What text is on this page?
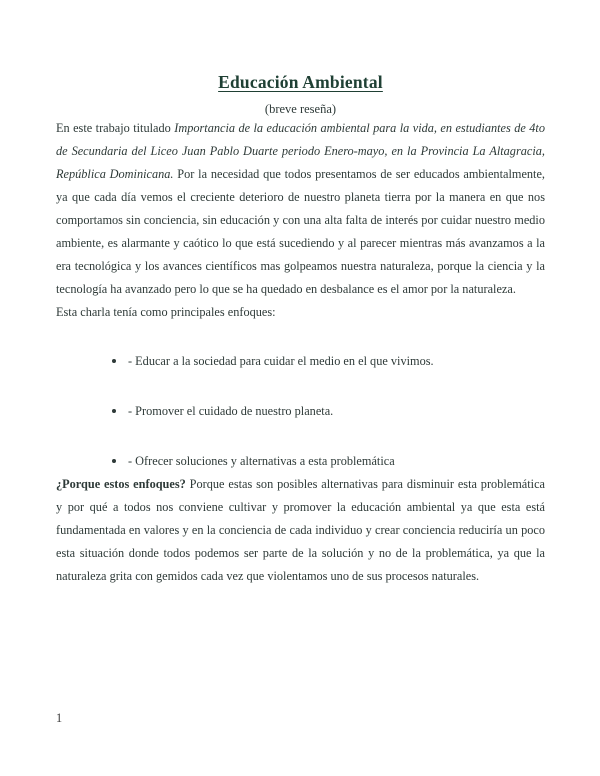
Educación Ambiental
(breve reseña)

En este trabajo titulado Importancia de la educación ambiental para la vida, en estudiantes de 4to de Secundaria del Liceo Juan Pablo Duarte periodo Enero-mayo, en la Provincia La Altagracia, República Dominicana. Por la necesidad que todos presentamos de ser educados ambientalmente, ya que cada día vemos el creciente deterioro de nuestro planeta tierra por la manera en que nos comportamos sin conciencia, sin educación y con una alta falta de interés por cuidar nuestro medio ambiente, es alarmante y caótico lo que está sucediendo y al parecer mientras más avanzamos a la era tecnológica y los avances científicos mas golpeamos nuestra naturaleza, porque la ciencia y la tecnología ha avanzado pero lo que se ha quedado en desbalance es el amor por la naturaleza.

Esta charla tenía como principales enfoques:

- Educar a la sociedad para cuidar el medio en el que vivimos.
- Promover el cuidado de nuestro planeta.
- Ofrecer soluciones y alternativas a esta problemática

¿Porque estos enfoques? Porque estas son posibles alternativas para disminuir esta problemática y por qué a todos nos conviene cultivar y promover la educación ambiental ya que esta está fundamentada en valores y en la conciencia de cada individuo y crear conciencia reduciría un poco esta situación donde todos podemos ser parte de la solución y no de la problemática, ya que la naturaleza grita con gemidos cada vez que violentamos uno de sus procesos naturales.

1
